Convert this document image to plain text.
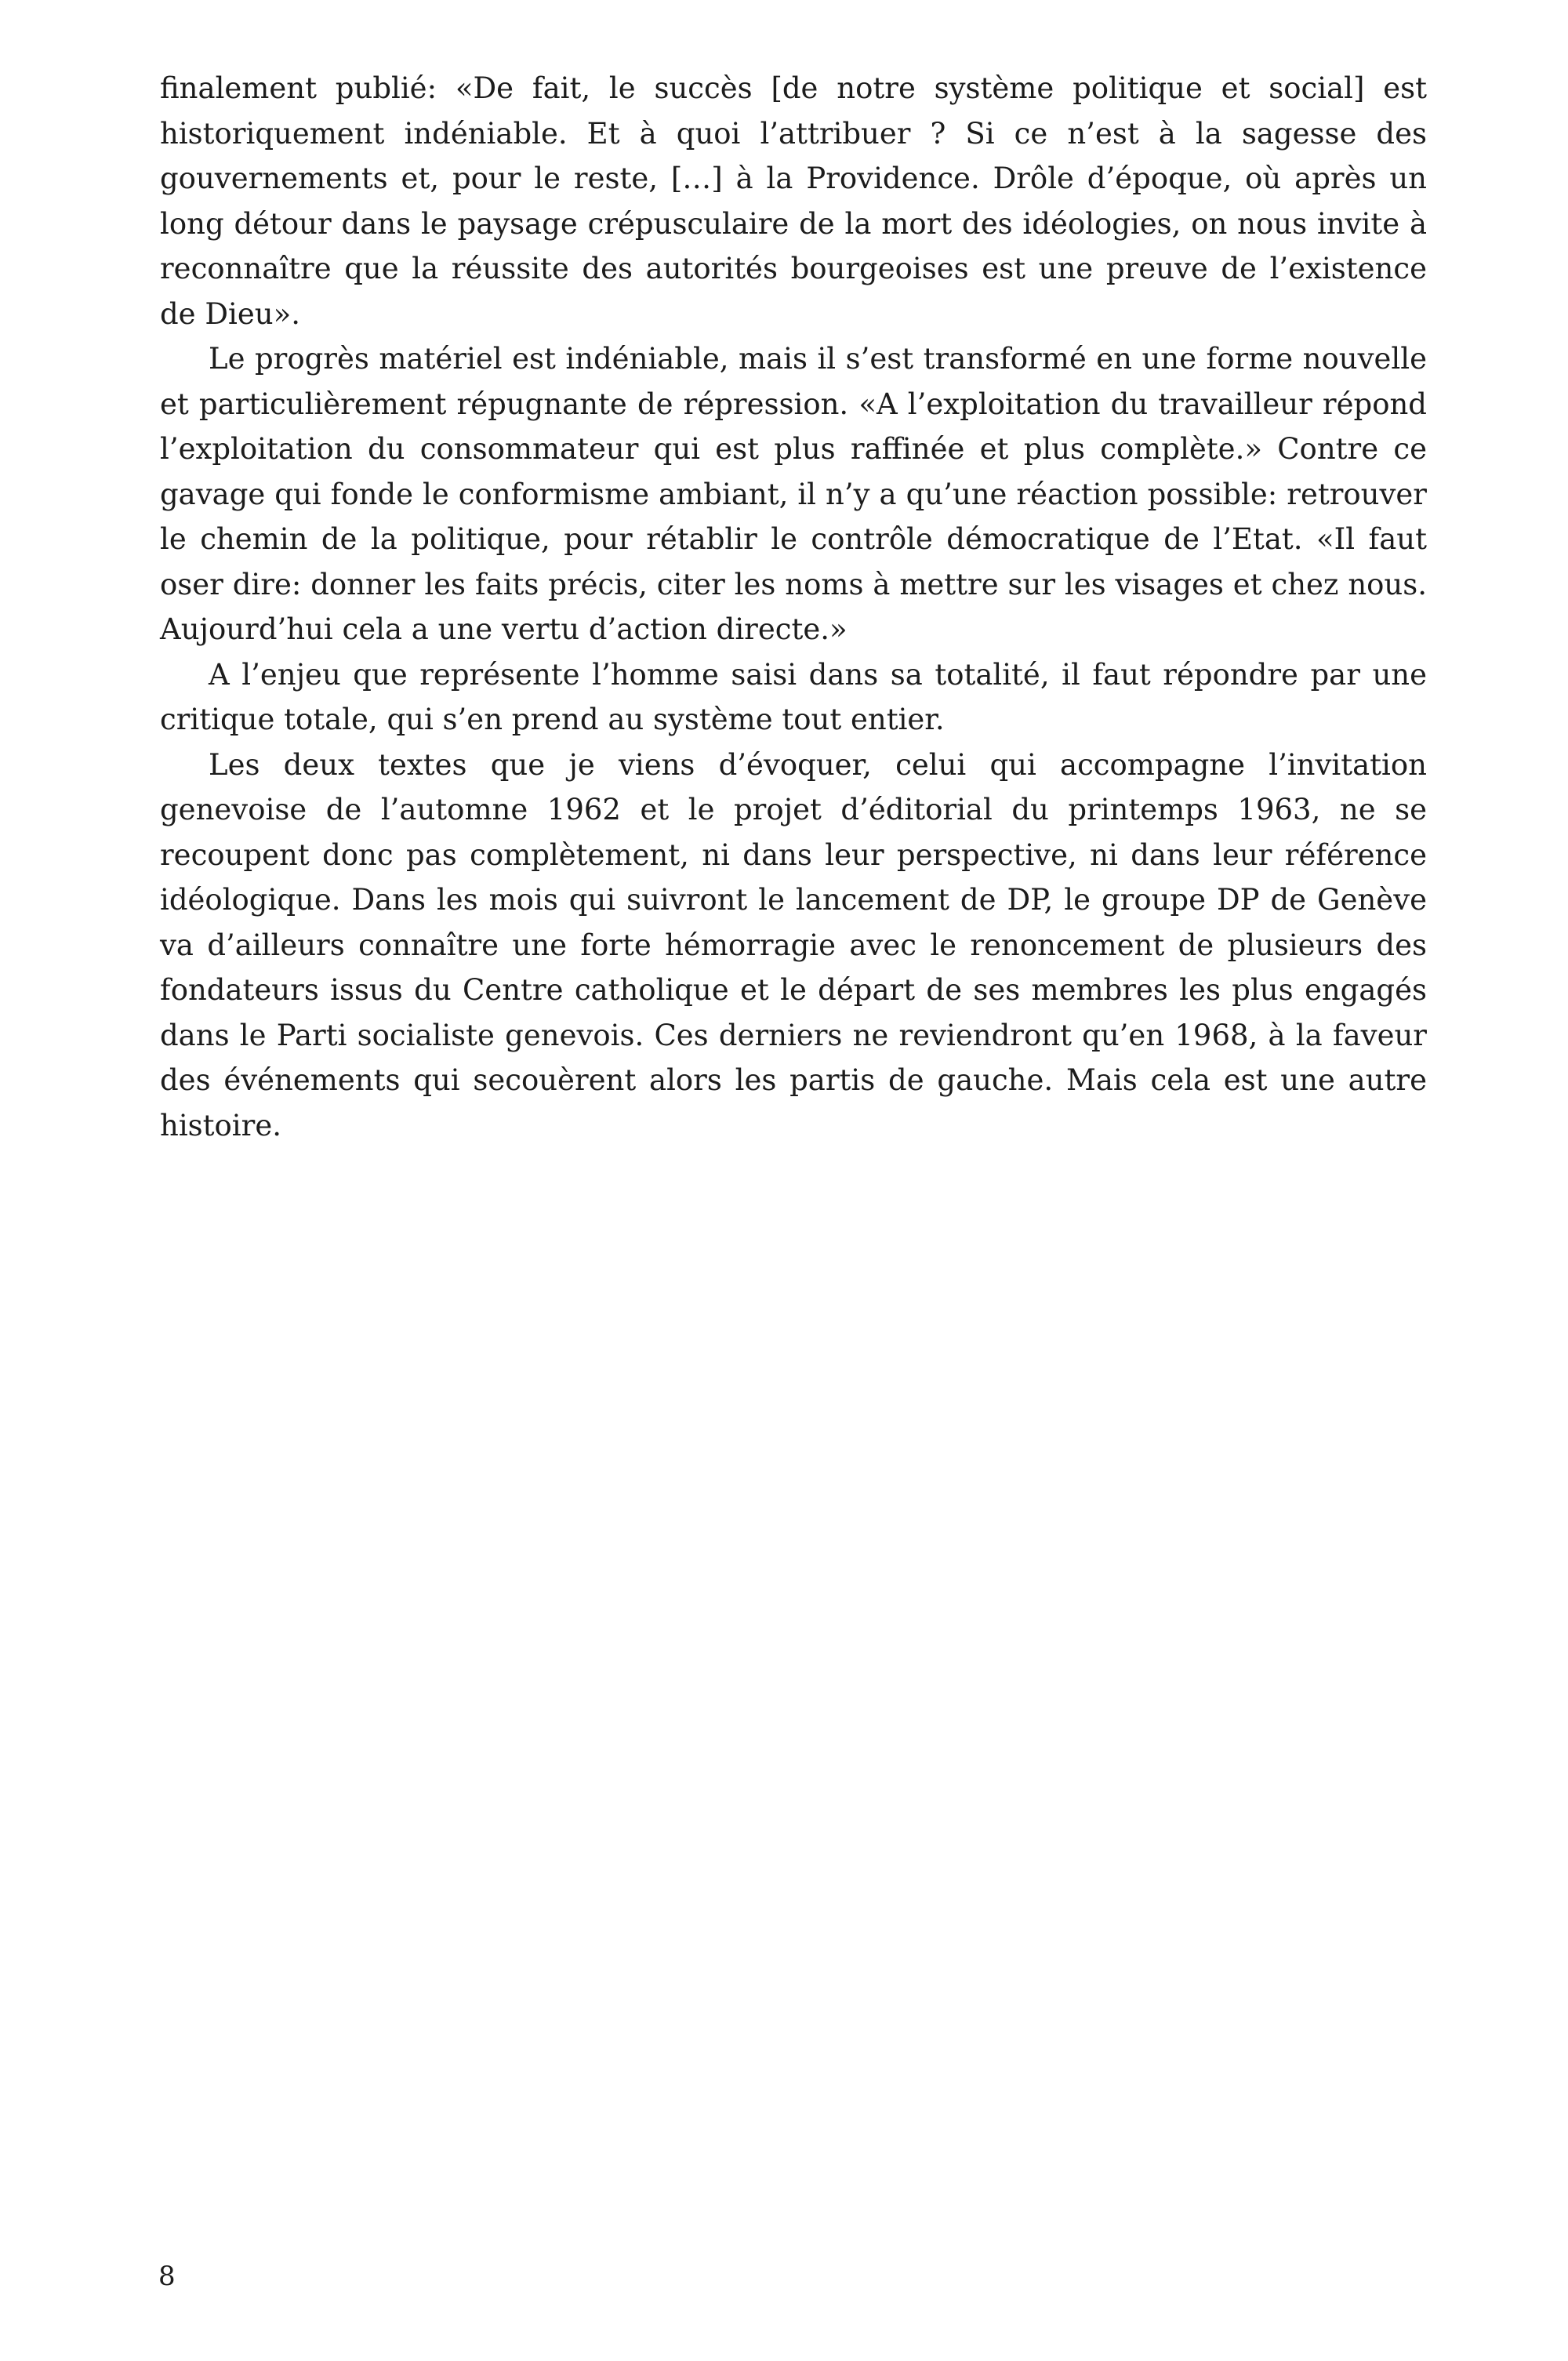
finalement publié: «De fait, le succès [de notre système politique et social] est historiquement indéniable. Et à quoi l’attribuer ? Si ce n’est à la sagesse des gouvernements et, pour le reste, […] à la Providence. Drôle d’époque, où après un long détour dans le paysage crépusculaire de la mort des idéologies, on nous invite à reconnaître que la réussite des autorités bourgeoises est une preuve de l’existence de Dieu».

Le progrès matériel est indéniable, mais il s’est transformé en une forme nouvelle et particulièrement répugnante de répression. «A l’exploitation du travailleur répond l’exploitation du consommateur qui est plus raffinée et plus complète.» Contre ce gavage qui fonde le conformisme ambiant, il n’y a qu’une réaction possible: retrouver le chemin de la politique, pour rétablir le contrôle démocratique de l’Etat. «Il faut oser dire: donner les faits précis, citer les noms à mettre sur les visages et chez nous. Aujourd’hui cela a une vertu d’action directe.»

A l’enjeu que représente l’homme saisi dans sa totalité, il faut répondre par une critique totale, qui s’en prend au système tout entier.

Les deux textes que je viens d’évoquer, celui qui accompagne l’invitation genevoise de l’automne 1962 et le projet d’éditorial du printemps 1963, ne se recoupent donc pas complètement, ni dans leur perspective, ni dans leur référence idéologique. Dans les mois qui suivront le lancement de DP, le groupe DP de Genève va d’ailleurs connaître une forte hémorragie avec le renoncement de plusieurs des fondateurs issus du Centre catholique et le départ de ses membres les plus engagés dans le Parti socialiste genevois. Ces derniers ne reviendront qu’en 1968, à la faveur des événements qui secouèrent alors les partis de gauche. Mais cela est une autre histoire.

8
